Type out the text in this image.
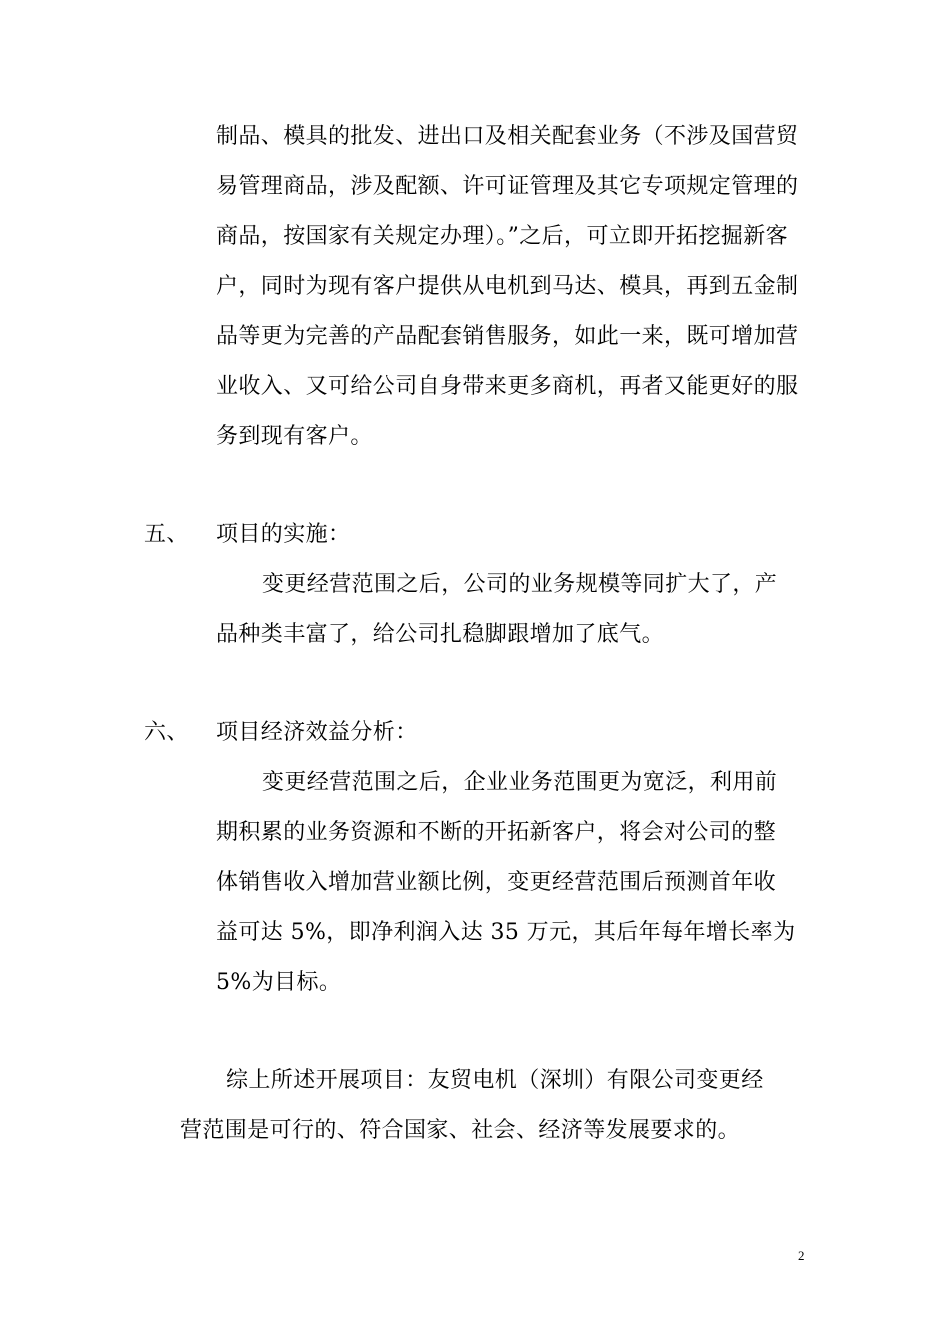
制品、模具的批发、进出口及相关配套业务（不涉及国营贸
易管理商品，涉及配额、许可证管理及其它专项规定管理的
商品，按国家有关规定办理）。”之后，可立即开拓挖掘新客
户，同时为现有客户提供从电机到马达、模具，再到五金制
品等更为完善的产品配套销售服务，如此一来，既可增加营
业收入、又可给公司自身带来更多商机，再者又能更好的服
务到现有客户。
五、 项目的实施：
变更经营范围之后，公司的业务规模等同扩大了，产
品种类丰富了，给公司扎稳脚跟增加了底气。
六、 项目经济效益分析：
变更经营范围之后，企业业务范围更为宽泛，利用前
期积累的业务资源和不断的开拓新客户，将会对公司的整
体销售收入增加营业额比例，变更经营范围后预测首年收
益可达 5%，即净利润入达 35 万元，其后年每年增长率为
5%为目标。
综上所述开展项目：友贸电机（深圳）有限公司变更经
营范围是可行的、符合国家、社会、经济等发展要求的。
2
